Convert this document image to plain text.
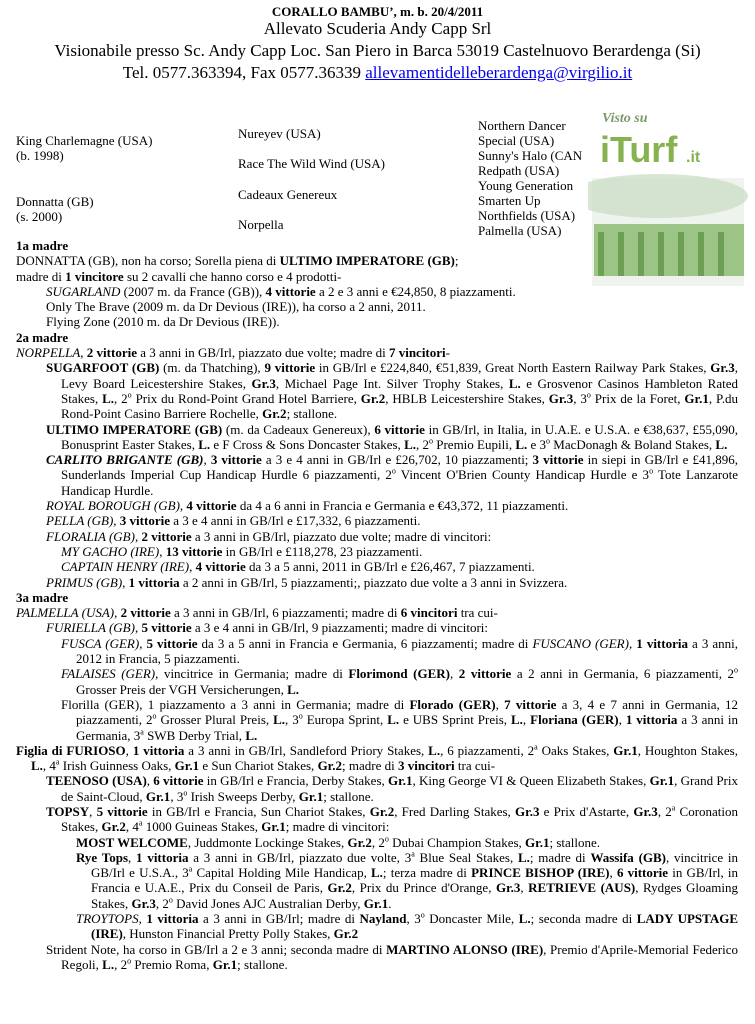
CORALLO BAMBU’, m. b. 20/4/2011
Allevato Scuderia Andy Capp Srl
Visionabile presso Sc. Andy Capp Loc. San Piero in Barca 53019 Castelnuovo Berardenga (Si)
Tel. 0577.363394, Fax 0577.36339 allevamentidelleberardenga@virgilio.it
King Charlemagne (USA)
(b. 1998)
Donnatta (GB)
(s. 2000)
Nureyev (USA)
Race The Wild Wind (USA)
Cadeaux Genereux
Norpella
Northern Dancer
Special (USA)
Sunny's Halo (CAN
Redpath (USA)
Young Generation
Smarten Up
Northfields (USA)
Palmella (USA)
Visto su
iTurf .it
1a madre
DONNATTA (GB), non ha corso; Sorella piena di ULTIMO IMPERATORE (GB);
madre di 1 vincitore su 2 cavalli che hanno corso e 4 prodotti-
SUGARLAND (2007 m. da France (GB)), 4 vittorie a 2 e 3 anni e €24,850, 8 piazzamenti.
Only The Brave (2009 m. da Dr Devious (IRE)), ha corso a 2 anni, 2011.
Flying Zone (2010 m. da Dr Devious (IRE)).
2a madre
NORPELLA, 2 vittorie a 3 anni in GB/Irl, piazzato due volte; madre di 7 vincitori-
SUGARFOOT (GB) (m. da Thatching), 9 vittorie in GB/Irl e £224,840, €51,839, Great North Eastern Railway Park Stakes, Gr.3, Levy Board Leicestershire Stakes, Gr.3, Michael Page Int. Silver Trophy Stakes, L. e Grosvenor Casinos Hambleton Rated Stakes, L., 2$^o$ Prix du Rond-Point Grand Hotel Barriere, Gr.2, HBLB Leicestershire Stakes, Gr.3, 3$^o$ Prix de la Foret, Gr.1, P.du Rond-Point Casino Barriere Rochelle, Gr.2; stallone.
ULTIMO IMPERATORE (GB) (m. da Cadeaux Genereux), 6 vittorie in GB/Irl, in Italia, in U.A.E. e U.S.A. e €38,637, £55,090, Bonusprint Easter Stakes, L. e F Cross & Sons Doncaster Stakes, L., 2$^o$ Premio Eupili, L. e 3$^o$ MacDonagh & Boland Stakes, L.
CARLITO BRIGANTE (GB), 3 vittorie a 3 e 4 anni in GB/Irl e £26,702, 10 piazzamenti; 3 vittorie in siepi in GB/Irl e £41,896, Sunderlands Imperial Cup Handicap Hurdle 6 piazzamenti, 2$^o$ Vincent O'Brien County Handicap Hurdle e 3$^o$ Tote Lanzarote Handicap Hurdle.
ROYAL BOROUGH (GB), 4 vittorie da 4 a 6 anni in Francia e Germania e €43,372, 11 piazzamenti.
PELLA (GB), 3 vittorie a 3 e 4 anni in GB/Irl e £17,332, 6 piazzamenti.
FLORALIA (GB), 2 vittorie a 3 anni in GB/Irl, piazzato due volte; madre di vincitori:
MY GACHO (IRE), 13 vittorie in GB/Irl e £118,278, 23 piazzamenti.
CAPTAIN HENRY (IRE), 4 vittorie da 3 a 5 anni, 2011 in GB/Irl e £26,467, 7 piazzamenti.
PRIMUS (GB), 1 vittoria a 2 anni in GB/Irl, 5 piazzamenti;, piazzato due volte a 3 anni in Svizzera.
3a madre
PALMELLA (USA), 2 vittorie a 3 anni in GB/Irl, 6 piazzamenti; madre di 6 vincitori tra cui-
FURIELLA (GB), 5 vittorie a 3 e 4 anni in GB/Irl, 9 piazzamenti; madre di vincitori:
FUSCA (GER), 5 vittorie da 3 a 5 anni in Francia e Germania, 6 piazzamenti; madre di FUSCANO (GER), 1 vittoria a 3 anni, 2012 in Francia, 5 piazzamenti.
FALAISES (GER), vincitrice in Germania; madre di Florimond (GER), 2 vittorie a 2 anni in Germania, 6 piazzamenti, 2$^o$ Grosser Preis der VGH Versicherungen, L.
Florilla (GER), 1 piazzamento a 3 anni in Germania; madre di Florado (GER), 7 vittorie a 3, 4 e 7 anni in Germania, 12 piazzamenti, 2$^o$ Grosser Plural Preis, L., 3$^o$ Europa Sprint, L. e UBS Sprint Preis, L., Floriana (GER), 1 vittoria a 3 anni in Germania, 3$^a$ SWB Derby Trial, L.
Figlia di FURIOSO, 1 vittoria a 3 anni in GB/Irl, Sandleford Priory Stakes, L., 6 piazzamenti, 2$^a$ Oaks Stakes, Gr.1, Houghton Stakes, L., 4$^a$ Irish Guinness Oaks, Gr.1 e Sun Chariot Stakes, Gr.2; madre di 3 vincitori tra cui-
TEENOSO (USA), 6 vittorie in GB/Irl e Francia, Derby Stakes, Gr.1, King George VI & Queen Elizabeth Stakes, Gr.1, Grand Prix de Saint-Cloud, Gr.1, 3$^o$ Irish Sweeps Derby, Gr.1; stallone.
TOPSY, 5 vittorie in GB/Irl e Francia, Sun Chariot Stakes, Gr.2, Fred Darling Stakes, Gr.3 e Prix d'Astarte, Gr.3, 2$^a$ Coronation Stakes, Gr.2, 4$^a$ 1000 Guineas Stakes, Gr.1; madre di vincitori:
MOST WELCOME, Juddmonte Lockinge Stakes, Gr.2, 2$^o$ Dubai Champion Stakes, Gr.1; stallone.
Rye Tops, 1 vittoria a 3 anni in GB/Irl, piazzato due volte, 3$^a$ Blue Seal Stakes, L.; madre di Wassifa (GB), vincitrice in GB/Irl e U.S.A., 3$^a$ Capital Holding Mile Handicap, L.; terza madre di PRINCE BISHOP (IRE), 6 vittorie in GB/Irl, in Francia e U.A.E., Prix du Conseil de Paris, Gr.2, Prix du Prince d'Orange, Gr.3, RETRIEVE (AUS), Rydges Gloaming Stakes, Gr.3, 2$^o$ David Jones AJC Australian Derby, Gr.1.
TROYTOPS, 1 vittoria a 3 anni in GB/Irl; madre di Nayland, 3$^o$ Doncaster Mile, L.; seconda madre di LADY UPSTAGE (IRE), Hunston Financial Pretty Polly Stakes, Gr.2
Strident Note, ha corso in GB/Irl a 2 e 3 anni; seconda madre di MARTINO ALONSO (IRE), Premio d'Aprile-Memorial Federico Regoli, L., 2$^o$ Premio Roma, Gr.1; stallone.
